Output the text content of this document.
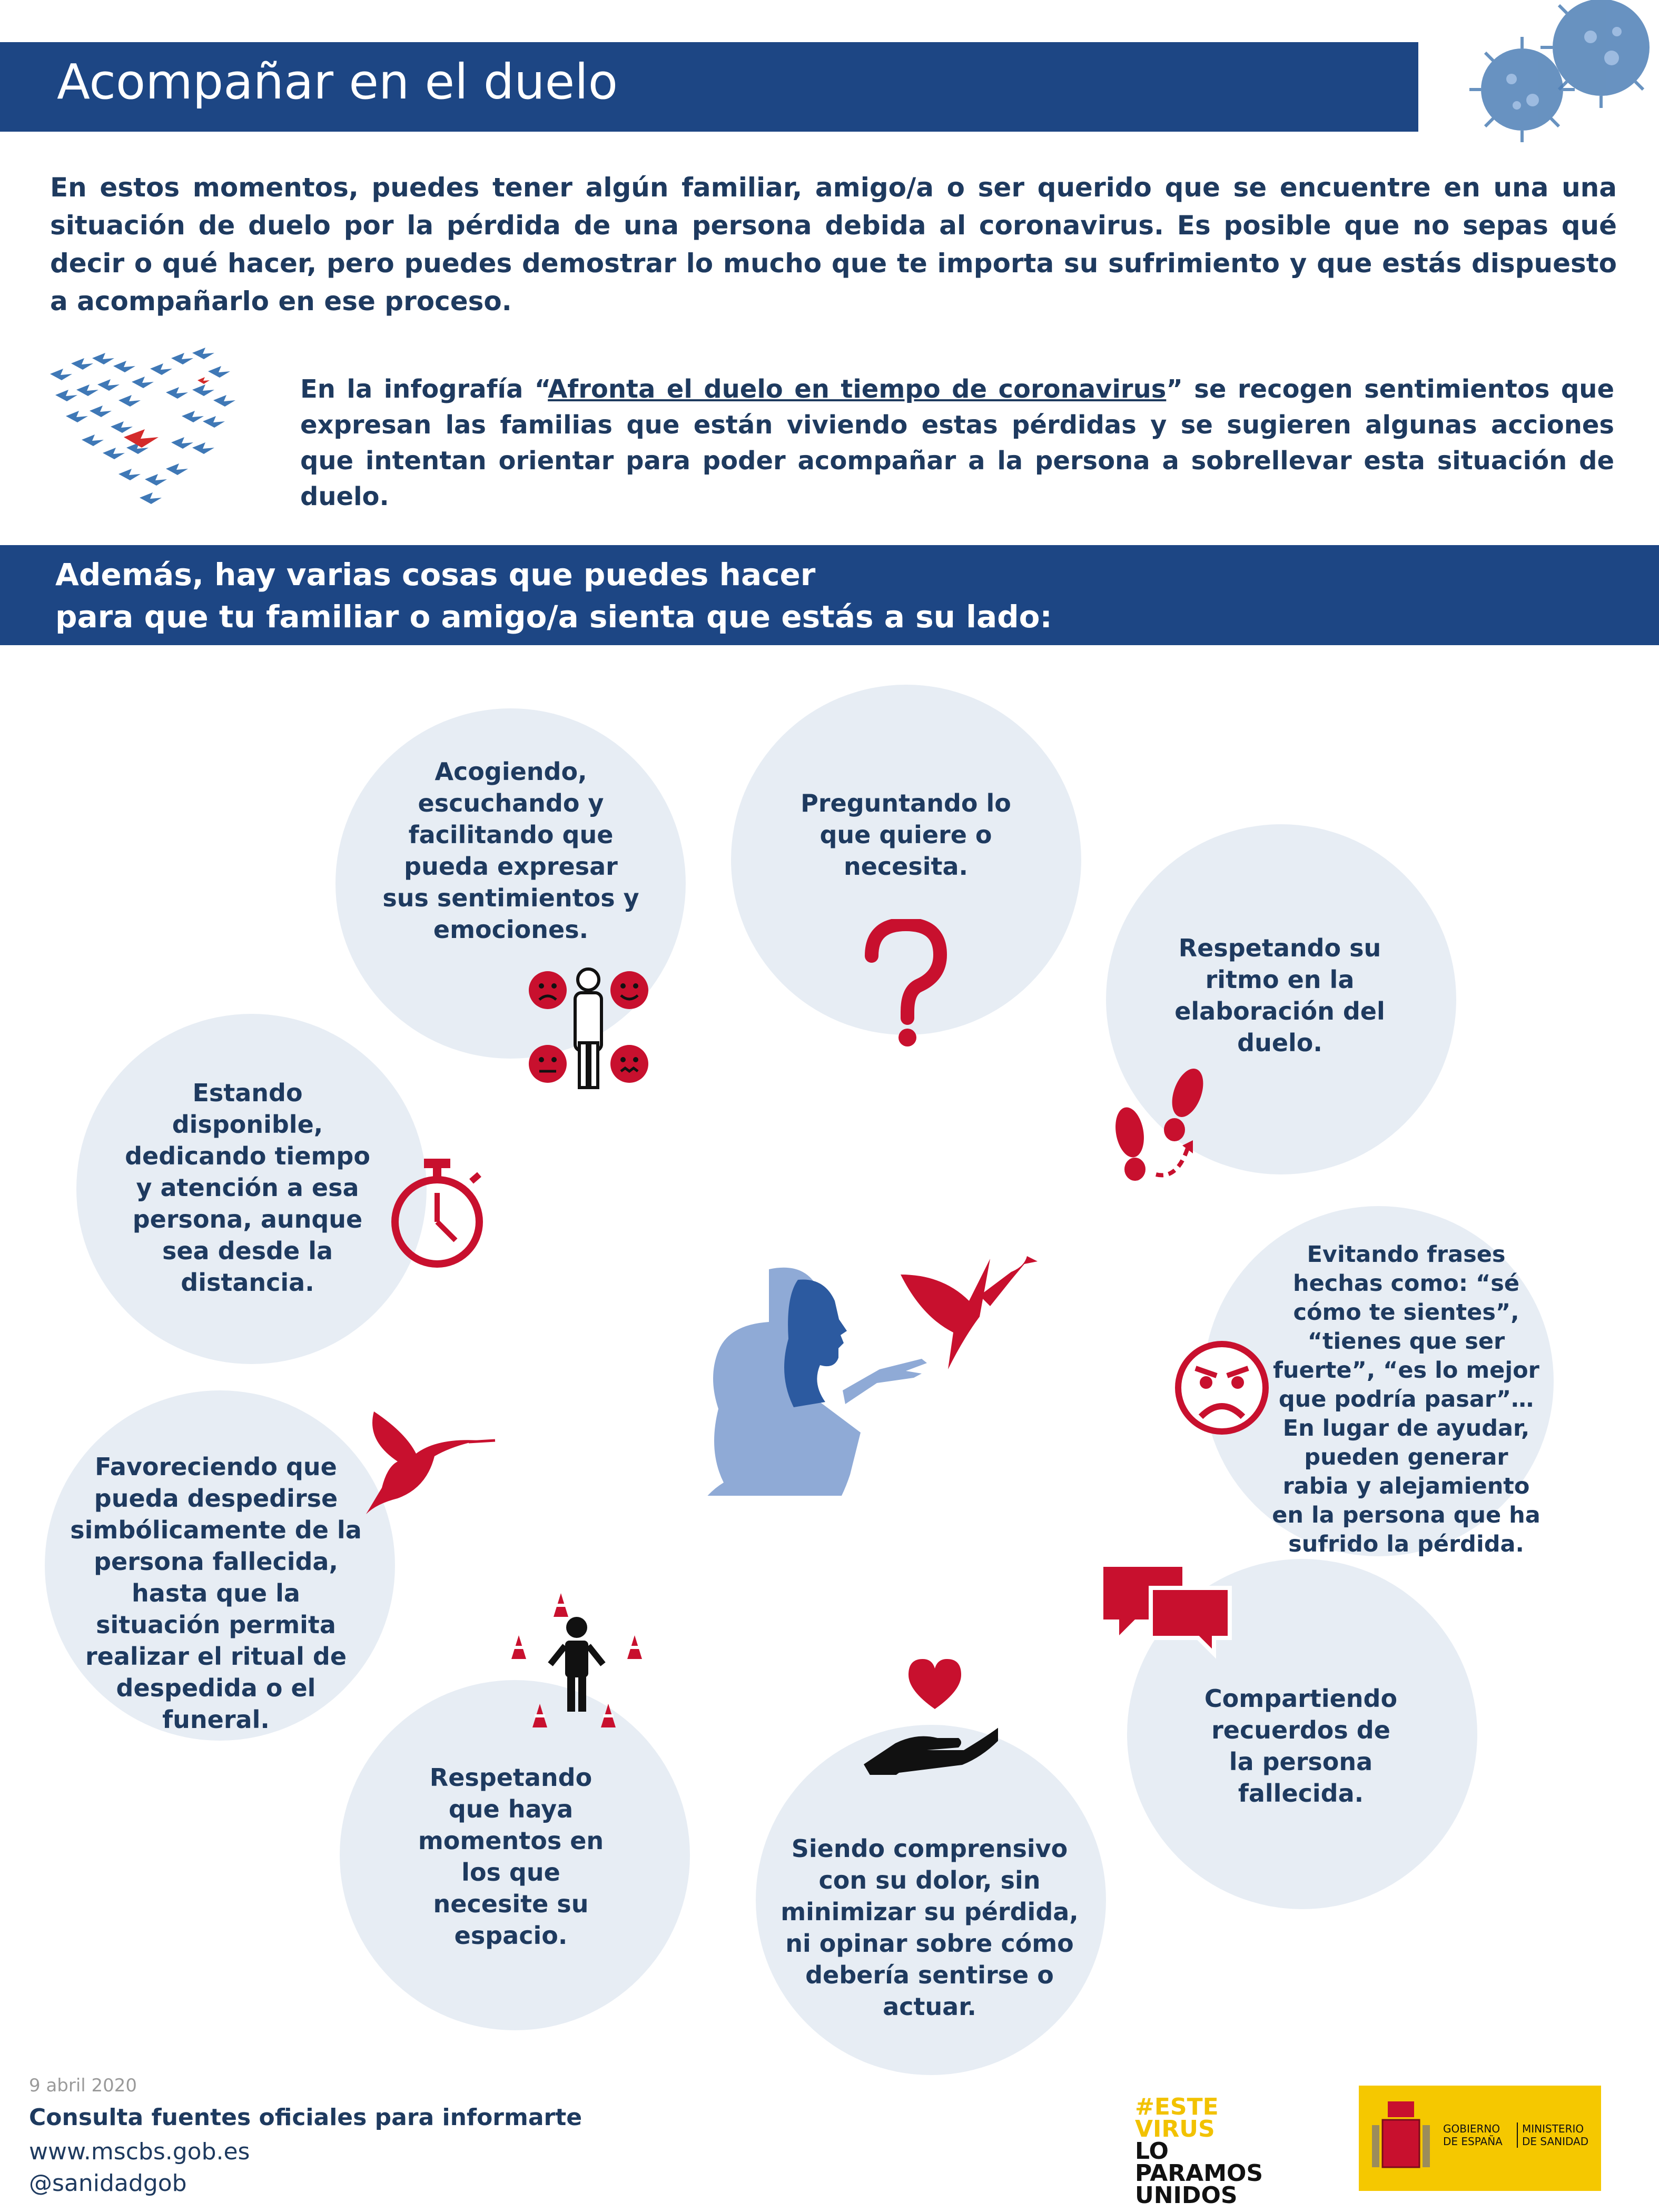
Acompañar en el duelo
En estos momentos, puedes tener algún familiar, amigo/a o ser querido que se encuentre en una una situación de duelo por la pérdida de una persona debida al coronavirus. Es posible que no sepas qué decir o qué hacer, pero puedes demostrar lo mucho que te importa su sufrimiento y que estás dispuesto a acompañarlo en ese proceso.
En la infografía “Afronta el duelo en tiempo de coronavirus” se recogen sentimientos que expresan las familias que están viviendo estas pérdidas y se sugieren algunas acciones que intentan orientar para poder acompañar a la persona a sobrellevar esta situación de duelo.
Además, hay varias cosas que puedes hacer
para que tu familiar o amigo/a sienta que estás a su lado:
Acogiendo, escuchando y facilitando que pueda expresar sus sentimientos y emociones.
Preguntando lo que quiere o necesita.
Respetando su ritmo en la elaboración del duelo.
Estando disponible, dedicando tiempo y atención a esa persona, aunque sea desde la distancia.
Evitando frases hechas como: “sé cómo te sientes”, “tienes que ser fuerte”, “es lo mejor que podría pasar”… En lugar de ayudar, pueden generar rabia y alejamiento en la persona que ha sufrido la pérdida.
Favoreciendo que pueda despedirse simbólicamente de la persona fallecida, hasta que la situación permita realizar el ritual de despedida o el funeral.
Compartiendo recuerdos de la persona fallecida.
Respetando que haya momentos en los que necesite su espacio.
Siendo comprensivo con su dolor, sin minimizar su pérdida, ni opinar sobre cómo debería sentirse o actuar.
9 abril 2020
Consulta fuentes oficiales para informarte
www.mscbs.gob.es
@sanidadgob
#ESTE
VIRUS
LO
PARAMOS
UNIDOS
GOBIERNO DE ESPAÑA
MINISTERIO DE SANIDAD
